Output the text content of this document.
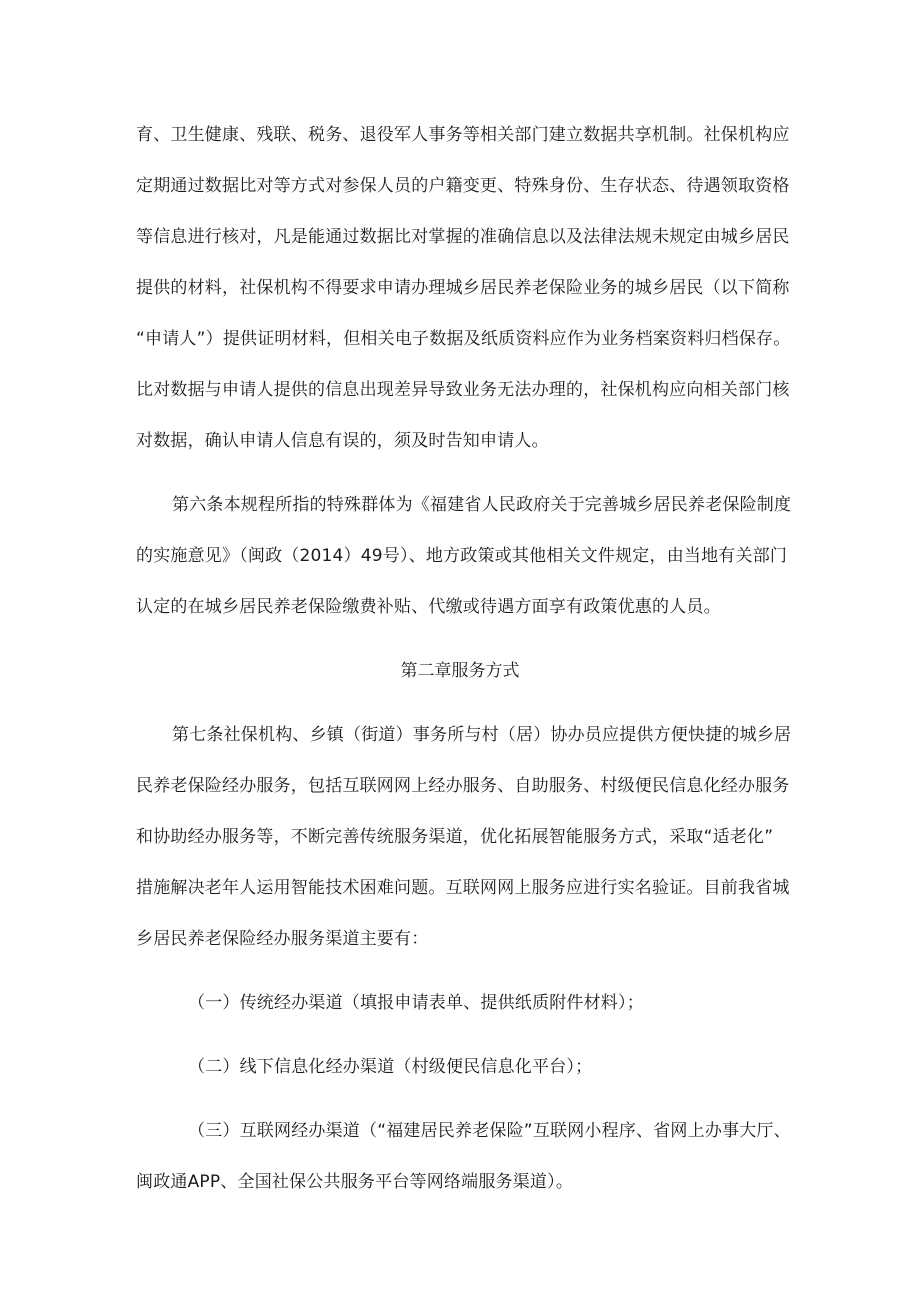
育、卫生健康、残联、税务、退役军人事务等相关部门建立数据共享机制。社保机构应
定期通过数据比对等方式对参保人员的户籍变更、特殊身份、生存状态、待遇领取资格
等信息进行核对，凡是能通过数据比对掌握的准确信息以及法律法规未规定由城乡居民
提供的材料，社保机构不得要求申请办理城乡居民养老保险业务的城乡居民（以下简称
“申请人”）提供证明材料，但相关电子数据及纸质资料应作为业务档案资料归档保存。
比对数据与申请人提供的信息出现差异导致业务无法办理的，社保机构应向相关部门核
对数据，确认申请人信息有误的，须及时告知申请人。
第六条本规程所指的特殊群体为《福建省人民政府关于完善城乡居民养老保险制度
的实施意见》（闽政（2014）49号）、地方政策或其他相关文件规定，由当地有关部门
认定的在城乡居民养老保险缴费补贴、代缴或待遇方面享有政策优惠的人员。
第二章服务方式
第七条社保机构、乡镇（街道）事务所与村（居）协办员应提供方便快捷的城乡居
民养老保险经办服务，包括互联网网上经办服务、自助服务、村级便民信息化经办服务
和协助经办服务等，不断完善传统服务渠道，优化拓展智能服务方式，采取“适老化”
措施解决老年人运用智能技术困难问题。互联网网上服务应进行实名验证。目前我省城
乡居民养老保险经办服务渠道主要有：
（一）传统经办渠道（填报申请表单、提供纸质附件材料）；
（二）线下信息化经办渠道（村级便民信息化平台）；
（三）互联网经办渠道（“福建居民养老保险”互联网小程序、省网上办事大厅、
闽政通APP、全国社保公共服务平台等网络端服务渠道）。
